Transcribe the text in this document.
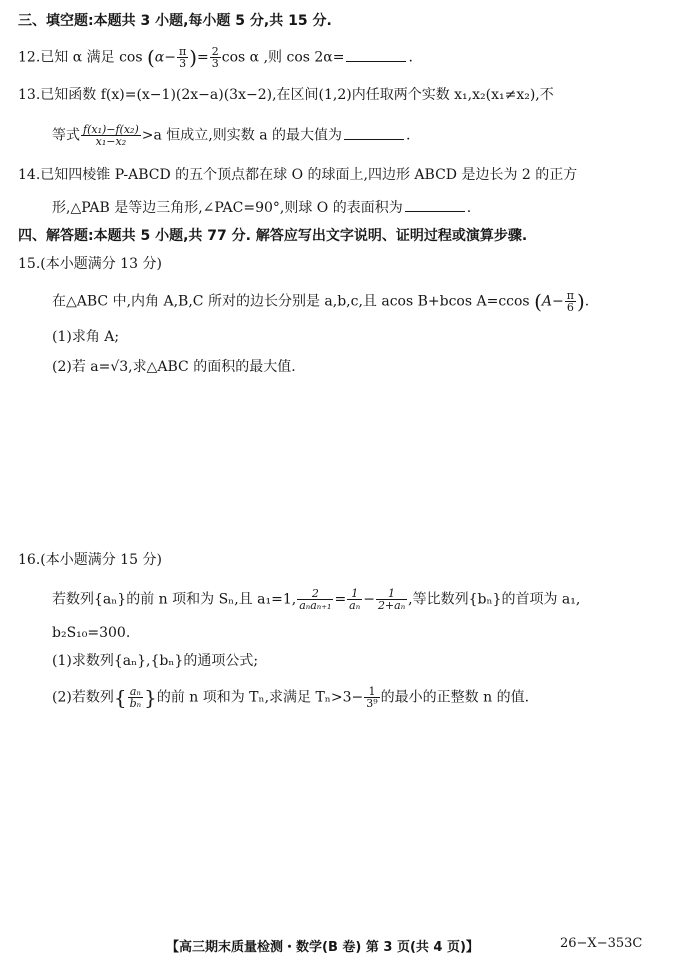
三、填空题:本题共 3 小题,每小题 5 分,共 15 分.
12.已知 α 满足 $\cos (\alpha- \frac{\pi}{3}$ )= $\frac{2}{3}$ cos α ,则 cos 2α=	.
13.已知函数 f(x)=(x−1)(2x−a)(3x−2),在区间(1,2)内任取两个实数 x₁,x₂(x₁≠x₂),不
等式 $\frac{\text{f(x₁)−f(x₂)}}{\text{x₁−x₂}} >a$ 恒成立,则实数 a 的最大值为	.
14.已知四棱锥 P-ABCD 的五个顶点都在球 O 的球面上,四边形 ABCD 是边长为 2 的正方
形,△PAB 是等边三角形,∠PAC=90°,则球 O 的表面积为	.
四、解答题:本题共 5 小题,共 77 分. 解答应写出文字说明、证明过程或演算步骤.
15.(本小题满分 13 分)
在△ABC 中,内角 A,B,C 所对的边长分别是 a,b,c,且 acos B+bcos A=ccos ($A- \frac{\pi}{6}$ ).
(1)求角 A;
(2)若 a=√3,求△ABC 的面积的最大值.
16.(本小题满分 15 分)
若数列{aₙ}的前 n 项和为 Sₙ,且 a₁=1, $\frac{2}{\text{aₙaₙ₊₁}} = \frac{1}{\text{aₙ}} - \frac{1}{\text{2+aₙ}}$ ,等比数列{bₙ}的首项为 a₁,
b₂S₁₀=300.
(1)求数列{aₙ},{bₙ}的通项公式;
(2)若数列{ $\frac{\text{aₙ}}{\text{bₙ}}$ }的前 n 项和为 Tₙ,求满足 $T_n>3- \frac{1}{\text{3⁹}}$ 的最小的正整数 n 的值.
【高三期末质量检测・数学(B 卷) 第 3 页(共 4 页)】	26−X−353C
